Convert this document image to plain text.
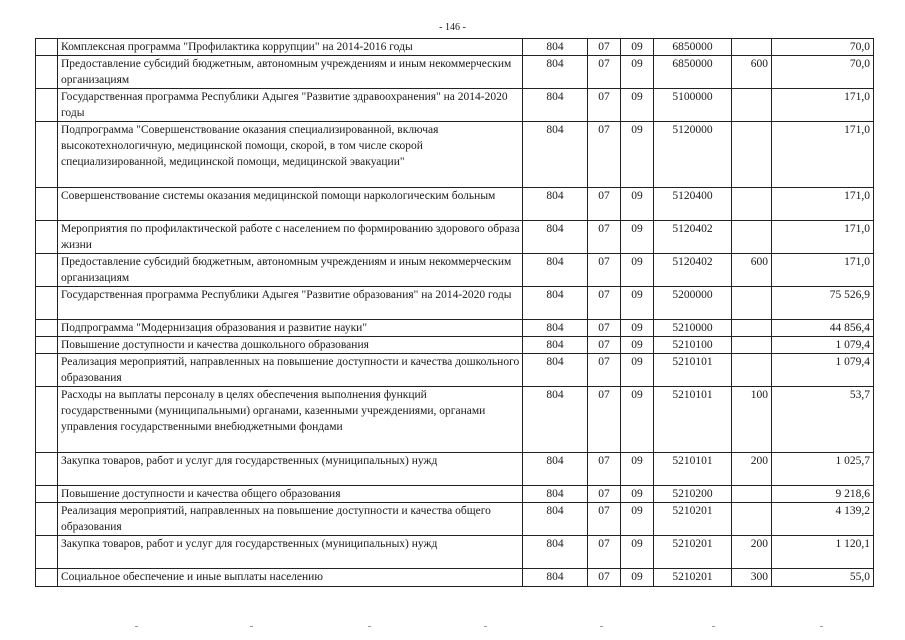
- 146 -
	Комплексная программа "Профилактика коррупции" на 2014-2016 годы	804	07	09	6850000		70,0
	Предоставление субсидий бюджетным, автономным учреждениям и иным некоммерческим организациям	804	07	09	6850000	600	70,0
	Государственная программа Республики Адыгея "Развитие здравоохранения" на 2014-2020 годы	804	07	09	5100000		171,0
	Подпрограмма "Совершенствование оказания специализированной, включая высокотехнологичную, медицинской помощи, скорой, в том числе скорой специализированной, медицинской помощи, медицинской эвакуации"	804	07	09	5120000		171,0
	Совершенствование системы оказания медицинской помощи наркологическим больным	804	07	09	5120400		171,0
	Мероприятия по профилактической работе с населением по формированию здорового образа жизни	804	07	09	5120402		171,0
	Предоставление субсидий бюджетным, автономным учреждениям и иным некоммерческим организациям	804	07	09	5120402	600	171,0
	Государственная программа Республики Адыгея "Развитие образования" на 2014-2020 годы	804	07	09	5200000		75 526,9
	Подпрограмма "Модернизация образования и развитие науки"	804	07	09	5210000		44 856,4
	Повышение доступности и качества дошкольного образования	804	07	09	5210100		1 079,4
	Реализация мероприятий, направленных на повышение доступности и качества дошкольного образования	804	07	09	5210101		1 079,4
	Расходы на выплаты персоналу в целях обеспечения выполнения функций государственными (муниципальными) органами, казенными учреждениями, органами управления государственными внебюджетными фондами	804	07	09	5210101	100	53,7
	Закупка товаров, работ и услуг для государственных (муниципальных) нужд	804	07	09	5210101	200	1 025,7
	Повышение доступности и качества общего образования	804	07	09	5210200		9 218,6
	Реализация мероприятий, направленных на повышение доступности и качества общего образования	804	07	09	5210201		4 139,2
	Закупка товаров, работ и услуг для государственных (муниципальных) нужд	804	07	09	5210201	200	1 120,1
	Социальное обеспечение и иные выплаты населению	804	07	09	5210201	300	55,0
